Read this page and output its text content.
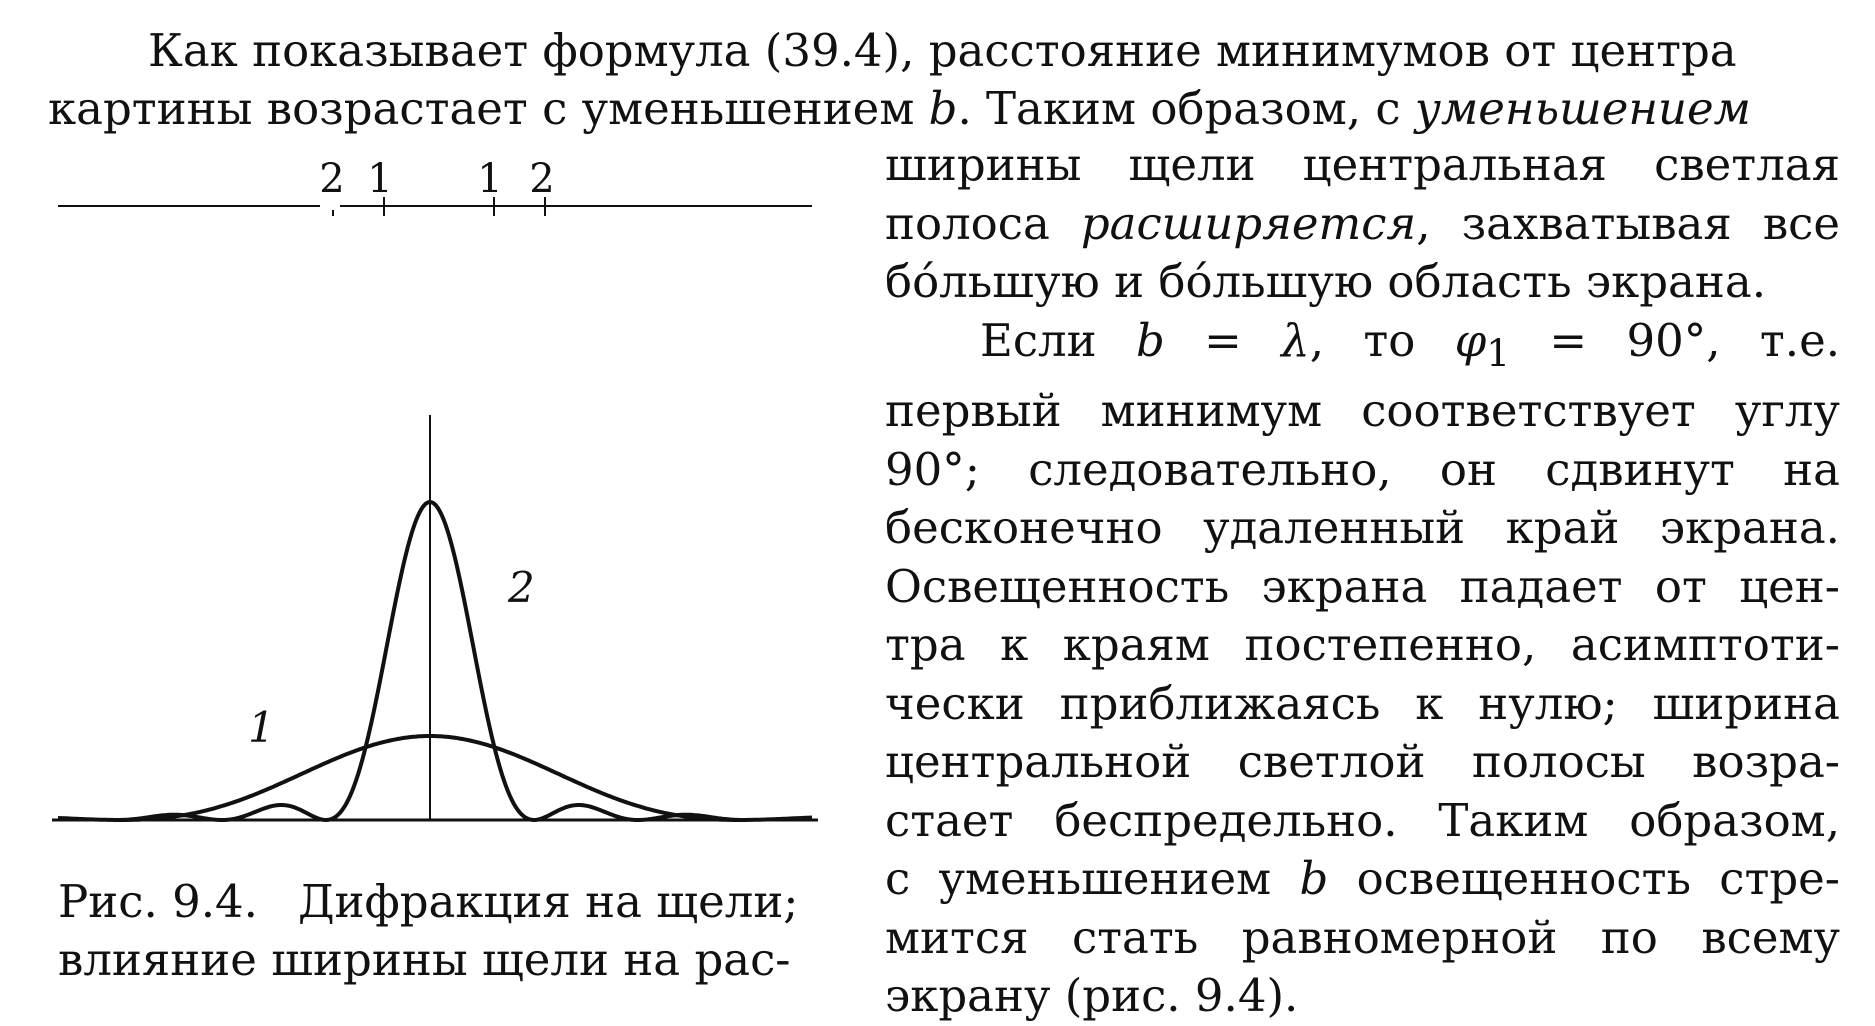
Как показывает формула (39.4), расстояние минимумов от центра
картины возрастает с уменьшением b. Таким образом, с уменьшением
2 1 1 2
1
2
ширины щели центральная светлая
полоса расширяется, захватывая все
бо́льшую и бо́льшую область экрана.
Если b = λ, то $\varphi_1 = 90^\circ$, т.е.
первый минимум соответствует углу
90°; следовательно, он сдвинут на
бесконечно удаленный край экрана.
Освещенность экрана падает от цен-
тра к краям постепенно, асимптоти-
чески приближаясь к нулю; ширина
центральной светлой полосы возра-
стает беспредельно. Таким образом,
с уменьшением b освещенность стре-
мится стать равномерной по всему
экрану (рис. 9.4).
Рис. 9.4. Дифракция на щели;
влияние ширины щели на рас-
